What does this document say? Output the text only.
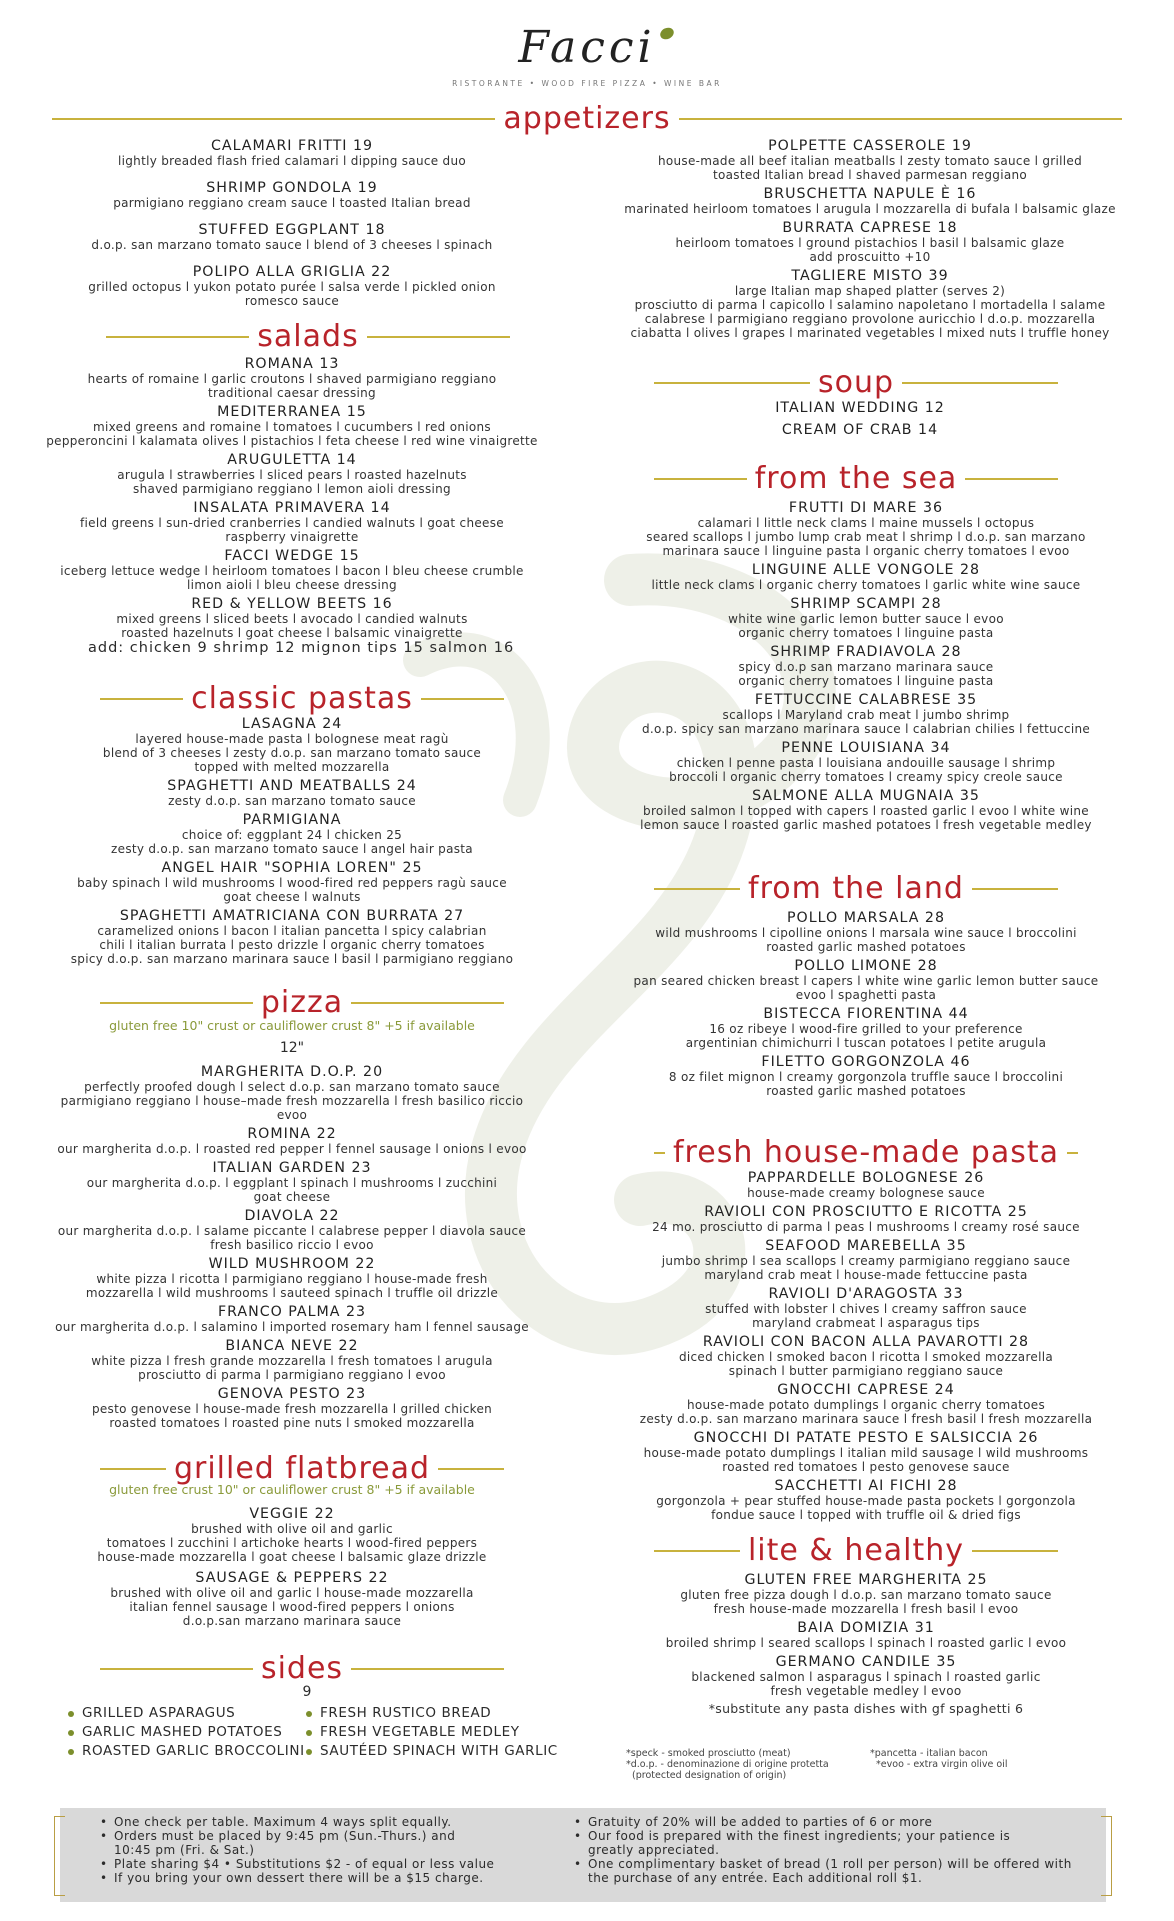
Facci
RISTORANTE • WOOD FIRE PIZZA • WINE BAR
appetizers
CALAMARI FRITTI 19
lightly breaded flash fried calamari l dipping sauce duo
SHRIMP GONDOLA 19
parmigiano reggiano cream sauce l toasted Italian bread
STUFFED EGGPLANT 18
d.o.p. san marzano tomato sauce l blend of 3 cheeses l spinach
POLIPO ALLA GRIGLIA 22
grilled octopus l yukon potato purée l salsa verde l pickled onion
romesco sauce
POLPETTE CASSEROLE 19
house-made all beef italian meatballs l zesty tomato sauce l grilled
toasted Italian bread l shaved parmesan reggiano
BRUSCHETTA NAPULE È 16
marinated heirloom tomatoes l arugula l mozzarella di bufala l balsamic glaze
BURRATA CAPRESE 18
heirloom tomatoes l ground pistachios l basil l balsamic glaze
add proscuitto +10
TAGLIERE MISTO 39
large Italian map shaped platter (serves 2)
prosciutto di parma l capicollo l salamino napoletano l mortadella l salame
calabrese l parmigiano reggiano provolone auricchio l d.o.p. mozzarella
ciabatta l olives l grapes l marinated vegetables l mixed nuts l truffle honey
salads
ROMANA 13
hearts of romaine l garlic croutons l shaved parmigiano reggiano
traditional caesar dressing
MEDITERRANEA 15
mixed greens and romaine l tomatoes l cucumbers l red onions
pepperoncini l kalamata olives l pistachios l feta cheese l red wine vinaigrette
ARUGULETTA 14
arugula l strawberries l sliced pears l roasted hazelnuts
shaved parmigiano reggiano l lemon aioli dressing
INSALATA PRIMAVERA 14
field greens l sun-dried cranberries l candied walnuts l goat cheese
raspberry vinaigrette
FACCI WEDGE 15
iceberg lettuce wedge l heirloom tomatoes l bacon l bleu cheese crumble
limon aioli l bleu cheese dressing
RED & YELLOW BEETS 16
mixed greens l sliced beets l avocado l candied walnuts
roasted hazelnuts l goat cheese l balsamic vinaigrette
add: chicken 9 shrimp 12 mignon tips 15 salmon 16
classic pastas
LASAGNA 24
layered house-made pasta l bolognese meat ragù
blend of 3 cheeses l zesty d.o.p. san marzano tomato sauce
topped with melted mozzarella
SPAGHETTI AND MEATBALLS 24
zesty d.o.p. san marzano tomato sauce
PARMIGIANA
choice of: eggplant 24 l chicken 25
zesty d.o.p. san marzano tomato sauce l angel hair pasta
ANGEL HAIR "SOPHIA LOREN" 25
baby spinach l wild mushrooms l wood-fired red peppers ragù sauce
goat cheese l walnuts
SPAGHETTI AMATRICIANA CON BURRATA 27
caramelized onions l bacon l italian pancetta l spicy calabrian
chili l italian burrata l pesto drizzle l organic cherry tomatoes
spicy d.o.p. san marzano marinara sauce l basil l parmigiano reggiano
pizza
gluten free 10" crust or cauliflower crust 8" +5 if available
12"
MARGHERITA D.O.P. 20
perfectly proofed dough l select d.o.p. san marzano tomato sauce
parmigiano reggiano l house–made fresh mozzarella l fresh basilico riccio
evoo
ROMINA 22
our margherita d.o.p. l roasted red pepper l fennel sausage l onions l evoo
ITALIAN GARDEN 23
our margherita d.o.p. l eggplant l spinach l mushrooms l zucchini
goat cheese
DIAVOLA 22
our margherita d.o.p. l salame piccante l calabrese pepper l diavola sauce
fresh basilico riccio l evoo
WILD MUSHROOM 22
white pizza l ricotta l parmigiano reggiano l house-made fresh
mozzarella l wild mushrooms l sauteed spinach l truffle oil drizzle
FRANCO PALMA 23
our margherita d.o.p. l salamino l imported rosemary ham l fennel sausage
BIANCA NEVE 22
white pizza l fresh grande mozzarella l fresh tomatoes l arugula
prosciutto di parma l parmigiano reggiano l evoo
GENOVA PESTO 23
pesto genovese l house-made fresh mozzarella l grilled chicken
roasted tomatoes l roasted pine nuts l smoked mozzarella
grilled flatbread
gluten free crust 10" or cauliflower crust 8" +5 if available
VEGGIE 22
brushed with olive oil and garlic
tomatoes l zucchini l artichoke hearts l wood-fired peppers
house-made mozzarella l goat cheese l balsamic glaze drizzle
SAUSAGE & PEPPERS 22
brushed with olive oil and garlic l house-made mozzarella
italian fennel sausage l wood-fired peppers l onions
d.o.p.san marzano marinara sauce
sides
9
GRILLED ASPARAGUS
GARLIC MASHED POTATOES
ROASTED GARLIC BROCCOLINI
FRESH RUSTICO BREAD
FRESH VEGETABLE MEDLEY
SAUTÉED SPINACH WITH GARLIC
soup
ITALIAN WEDDING 12
CREAM OF CRAB 14
from the sea
FRUTTI DI MARE 36
calamari l little neck clams l maine mussels l octopus
seared scallops l jumbo lump crab meat l shrimp l d.o.p. san marzano
marinara sauce l linguine pasta l organic cherry tomatoes l evoo
LINGUINE ALLE VONGOLE 28
little neck clams l organic cherry tomatoes l garlic white wine sauce
SHRIMP SCAMPI 28
white wine garlic lemon butter sauce l evoo
organic cherry tomatoes l linguine pasta
SHRIMP FRADIAVOLA 28
spicy d.o.p san marzano marinara sauce
organic cherry tomatoes l linguine pasta
FETTUCCINE CALABRESE 35
scallops l Maryland crab meat l jumbo shrimp
d.o.p. spicy san marzano marinara sauce l calabrian chilies l fettuccine
PENNE LOUISIANA 34
chicken l penne pasta l louisiana andouille sausage l shrimp
broccoli l organic cherry tomatoes l creamy spicy creole sauce
SALMONE ALLA MUGNAIA 35
broiled salmon l topped with capers l roasted garlic l evoo l white wine
lemon sauce l roasted garlic mashed potatoes l fresh vegetable medley
from the land
POLLO MARSALA 28
wild mushrooms l cipolline onions l marsala wine sauce l broccolini
roasted garlic mashed potatoes
POLLO LIMONE 28
pan seared chicken breast l capers l white wine garlic lemon butter sauce
evoo l spaghetti pasta
BISTECCA FIORENTINA 44
16 oz ribeye l wood-fire grilled to your preference
argentinian chimichurri l tuscan potatoes l petite arugula
FILETTO GORGONZOLA 46
8 oz filet mignon l creamy gorgonzola truffle sauce l broccolini
roasted garlic mashed potatoes
fresh house-made pasta
PAPPARDELLE BOLOGNESE 26
house-made creamy bolognese sauce
RAVIOLI CON PROSCIUTTO E RICOTTA 25
24 mo. prosciutto di parma l peas l mushrooms l creamy rosé sauce
SEAFOOD MAREBELLA 35
jumbo shrimp l sea scallops l creamy parmigiano reggiano sauce
maryland crab meat l house-made fettuccine pasta
RAVIOLI D'ARAGOSTA 33
stuffed with lobster l chives l creamy saffron sauce
maryland crabmeat l asparagus tips
RAVIOLI CON BACON ALLA PAVAROTTI 28
diced chicken l smoked bacon l ricotta l smoked mozzarella
spinach l butter parmigiano reggiano sauce
GNOCCHI CAPRESE 24
house-made potato dumplings l organic cherry tomatoes
zesty d.o.p. san marzano marinara sauce l fresh basil l fresh mozzarella
GNOCCHI DI PATATE PESTO E SALSICCIA 26
house-made potato dumplings l italian mild sausage l wild mushrooms
roasted red tomatoes l pesto genovese sauce
SACCHETTI AI FICHI 28
gorgonzola + pear stuffed house-made pasta pockets l gorgonzola
fondue sauce l topped with truffle oil & dried figs
lite & healthy
GLUTEN FREE MARGHERITA 25
gluten free pizza dough l d.o.p. san marzano tomato sauce
fresh house-made mozzarella l fresh basil l evoo
BAIA DOMIZIA 31
broiled shrimp l seared scallops l spinach l roasted garlic l evoo
GERMANO CANDILE 35
blackened salmon l asparagus l spinach l roasted garlic
fresh vegetable medley l evoo
*substitute any pasta dishes with gf spaghetti 6
*speck - smoked prosciutto (meat)
*d.o.p. - denominazione di origine protetta
(protected designation of origin)
*pancetta - italian bacon
*evoo - extra virgin olive oil
• One check per table. Maximum 4 ways split equally.
• Orders must be placed by 9:45 pm (Sun.-Thurs.) and
10:45 pm (Fri. & Sat.)
• Plate sharing $4 • Substitutions $2 - of equal or less value
• If you bring your own dessert there will be a $15 charge.
• Gratuity of 20% will be added to parties of 6 or more
• Our food is prepared with the finest ingredients; your patience is
greatly appreciated.
• One complimentary basket of bread (1 roll per person) will be offered with
the purchase of any entrée. Each additional roll $1.
